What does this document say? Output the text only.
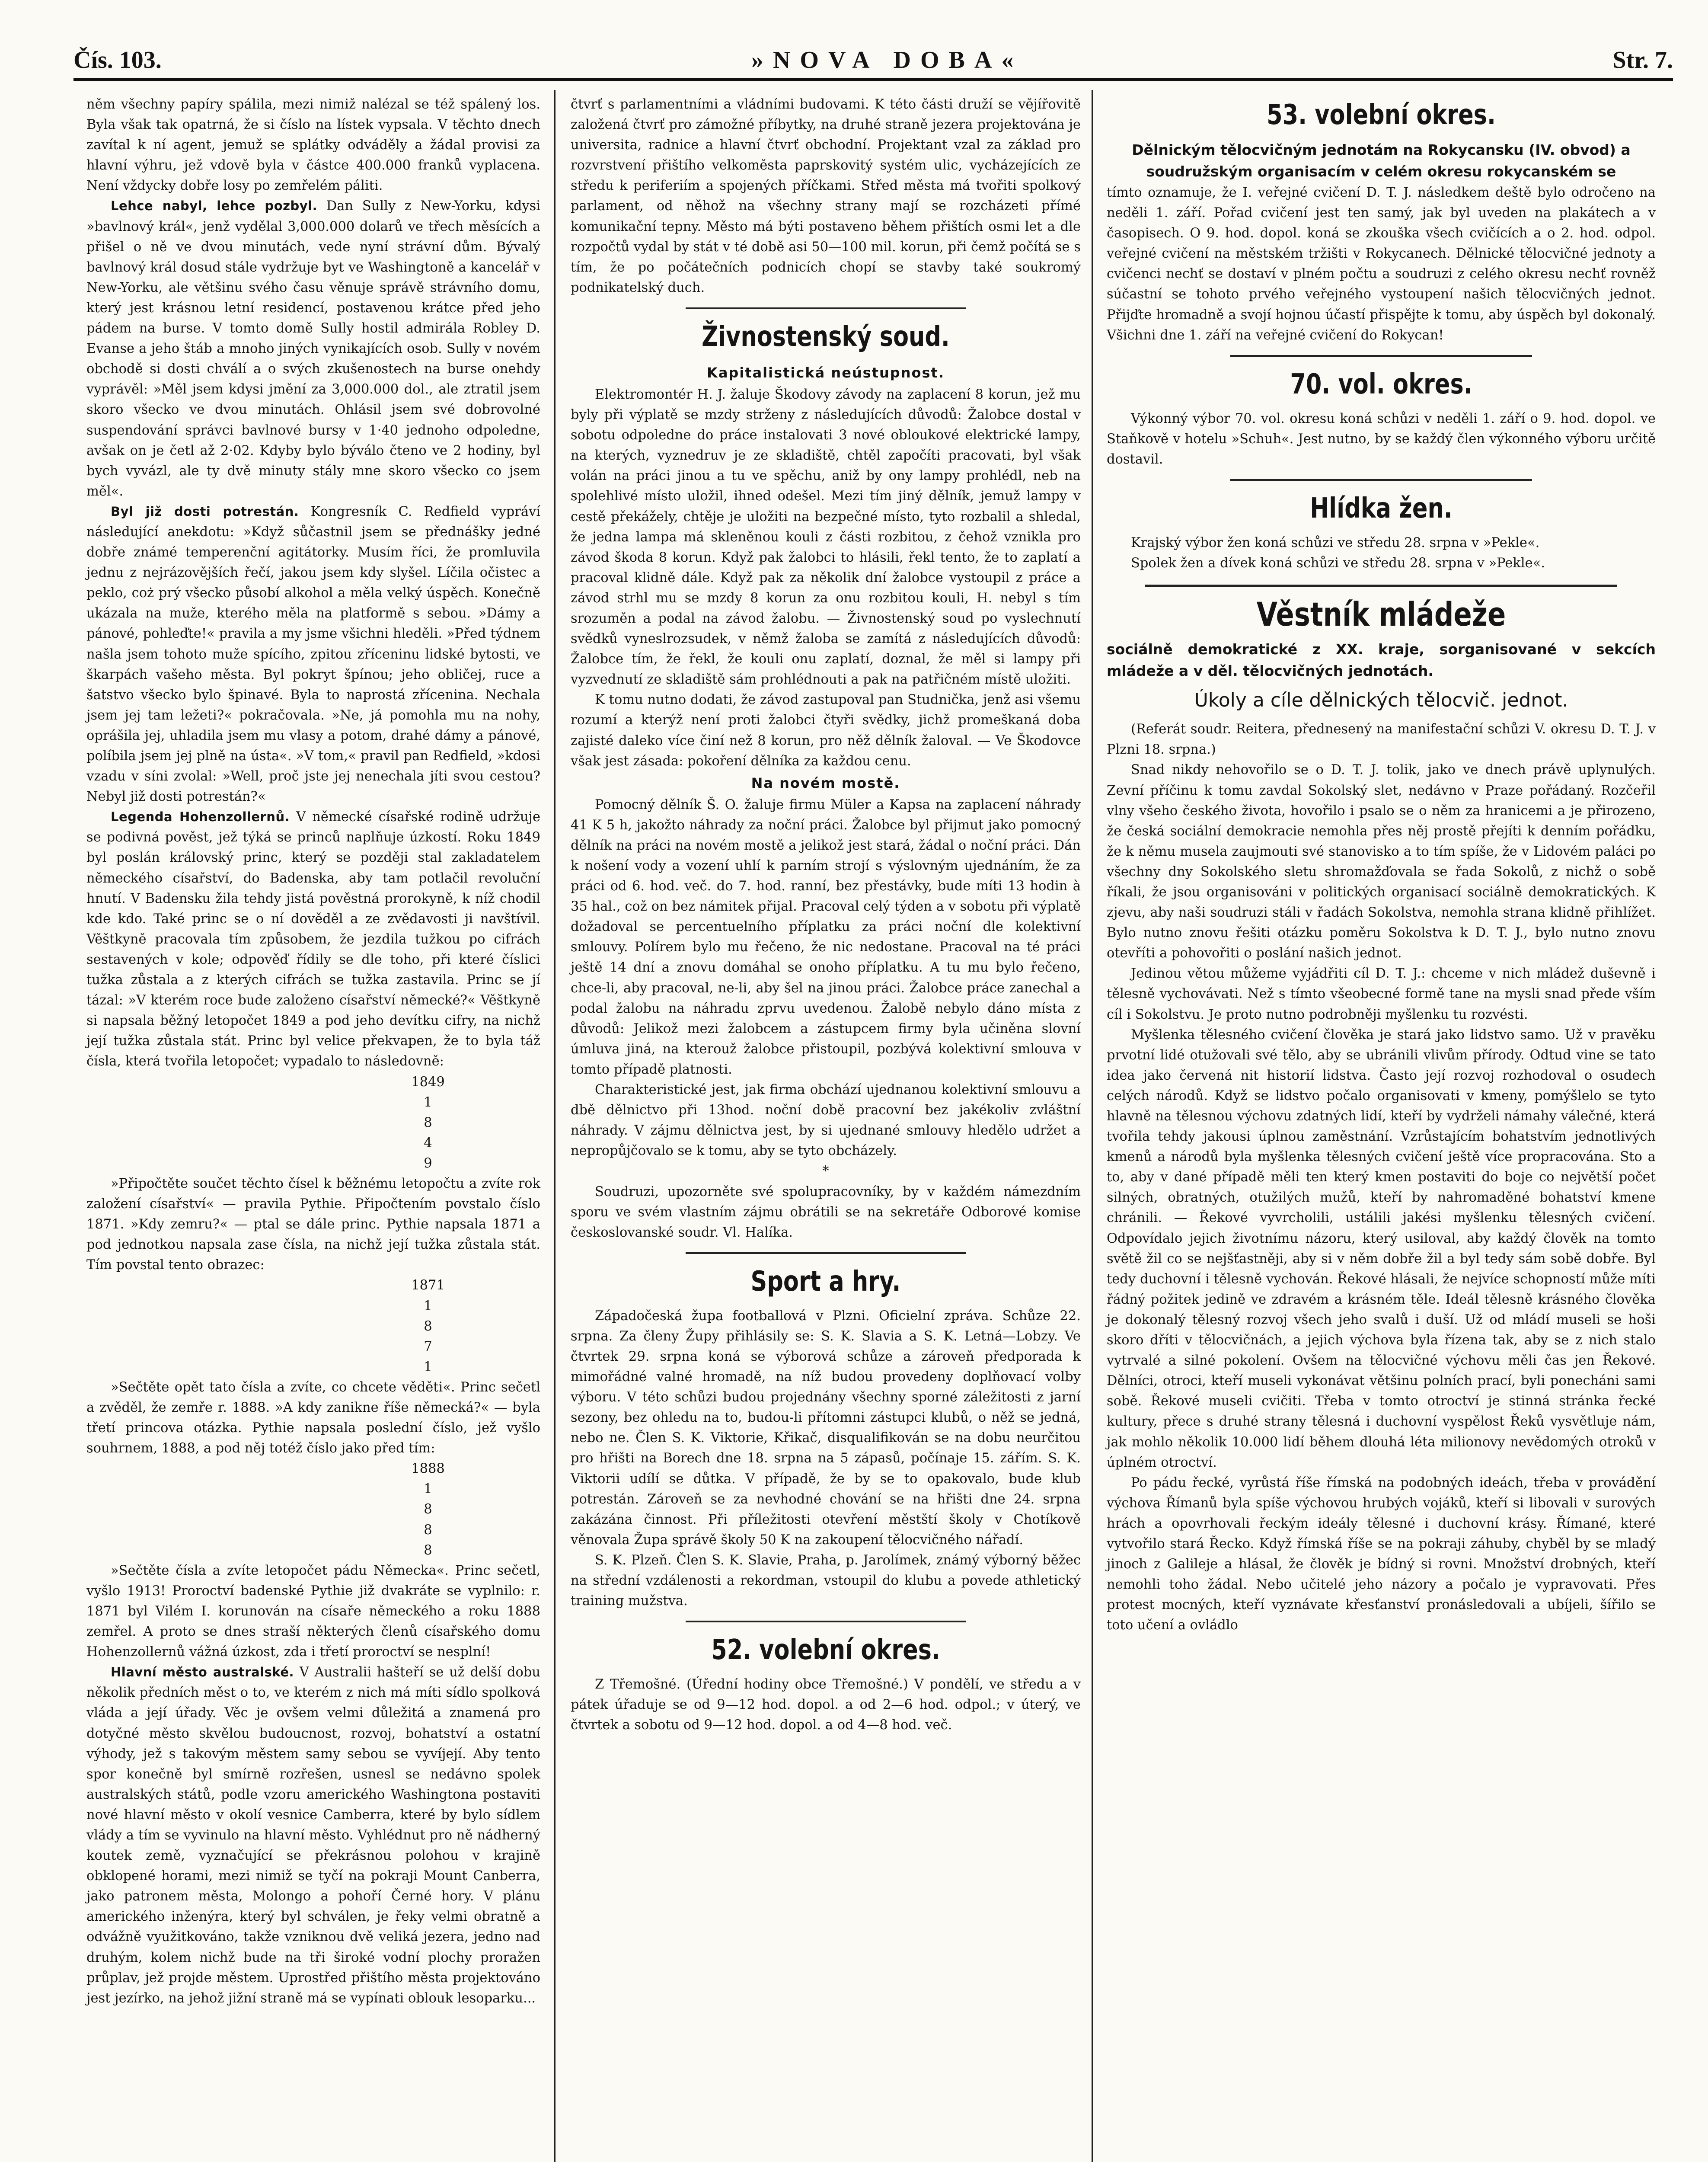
Čís. 103.	»NOVA DOBA«	Str. 7.

něm všechny papíry spálila, mezi nimiž nalézal se též spálený los. Byla však tak opatrná, že si číslo na lístek vypsala. V těchto dnech zavítal k ní agent, jemuž se splátky odváděly a žádal provisi za hlavní výhru, jež vdově byla v částce 400.000 franků vyplacena. Není vždycky dobře losy po zemřelém páliti.

Lehce nabyl, lehce pozbyl. Dan Sully z New-Yorku, kdysi »bavlnový král«, jenž vydělal 3,000.000 dolarů ve třech měsících a přišel o ně ve dvou minutách, vede nyní strávní dům. Bývalý bavlnový král dosud stále vydržuje byt ve Washingtoně a kancelář v New-Yorku, ale většinu svého času věnuje správě strávního domu, který jest krásnou letní residencí, postavenou krátce před jeho pádem na burse. V tomto domě Sully hostil admirála Robley D. Evanse a jeho štáb a mnoho jiných vynikajících osob. Sully v novém obchodě si dosti chválí a o svých zkušenostech na burse onehdy vyprávěl: »Měl jsem kdysi jmění za 3,000.000 dol., ale ztratil jsem skoro všecko ve dvou minutách. Ohlásil jsem své dobrovolné suspendování správci bavlnové bursy v 1·40 jednoho odpoledne, avšak on je četl až 2·02. Kdyby bylo býválo čteno ve 2 hodiny, byl bych vyvázl, ale ty dvě minuty stály mne skoro všecko co jsem měl«.

Byl již dosti potrestán. Kongresník C. Redfield vypráví následující anekdotu: »Když sůčastnil jsem se přednášky jedné dobře známé temperenční agitátorky. Musím říci, že promluvila jednu z nejrázovějších řečí, jakou jsem kdy slyšel. Líčila očistec a peklo, coż prý všecko působí alkohol a měla velký úspěch. Konečně ukázala na muže, kterého měla na platformě s sebou. »Dámy a pánové, pohleďte!« pravila a my jsme všichni hleděli. »Před týdnem našla jsem tohoto muže spícího, zpitou zříceninu lidské bytosti, ve škarpách vašeho města. Byl pokryt špínou; jeho obličej, ruce a šatstvo všecko bylo špinavé. Byla to naprostá zřícenina. Nechala jsem jej tam ležeti?« pokračovala. »Ne, já pomohla mu na nohy, oprášila jej, uhladila jsem mu vlasy a potom, drahé dámy a pánové, políbila jsem jej plně na ústa«. »V tom,« pravil pan Redfield, »kdosi vzadu v síni zvolal: »Well, proč jste jej nenechala jíti svou cestou? Nebyl již dosti potrestán?«

Legenda Hohenzollernů. V německé císařské rodině udržuje se podivná pověst, jež týká se princů naplňuje úzkostí. Roku 1849 byl poslán královský princ, který se později stal zakladatelem německého císařství, do Badenska, aby tam potlačil revoluční hnutí. V Badensku žila tehdy jistá pověstná prorokyně, k níž chodil kde kdo. Také princ se o ní dověděl a ze zvědavosti ji navštívil. Věštkyně pracovala tím způsobem, že jezdila tužkou po cifrách sestavených v kole; odpověď řídily se dle toho, při které číslici tužka zůstala a z kterých cifrách se tužka zastavila. Princ se jí tázal: »V kterém roce bude založeno císařství německé?« Věštkyně si napsala běžný letopočet 1849 a pod jeho devítku cifry, na nichž její tužka zůstala stát. Princ byl velice překvapen, že to byla táž čísla, která tvořila letopočet; vypadalo to následovně:

1849
1
8
4
9

»Připočtěte součet těchto čísel k běžnému letopočtu a zvíte rok založení císařství« — pravila Pythie. Připočtením povstalo číslo 1871. »Kdy zemru?« — ptal se dále princ. Pythie napsala 1871 a pod jednotkou napsala zase čísla, na nichž její tužka zůstala stát. Tím povstal tento obrazec:

1871
1
8
7
1

»Sečtěte opět tato čísla a zvíte, co chcete věděti«. Princ sečetl a zvěděl, že zemře r. 1888. »A kdy zanikne říše německá?« — byla třetí princova otázka. Pythie napsala poslední číslo, jež vyšlo souhrnem, 1888, a pod něj totéž číslo jako před tím:

1888
1
8
8
8

»Sečtěte čísla a zvíte letopočet pádu Německa«. Princ sečetl, vyšlo 1913! Proroctví badenské Pythie již dvakráte se vyplnilo: r. 1871 byl Vilém I. korunován na císaře německého a roku 1888 zemřel. A proto se dnes straší některých členů císařského domu Hohenzollernů vážná úzkost, zda i třetí proroctví se nesplní!

Hlavní město australské. V Australii hašteří se už delší dobu několik předních měst o to, ve kterém z nich má míti sídlo spolková vláda a její úřady. Věc je ovšem velmi důležitá a znamená pro dotyčné město skvělou budoucnost, rozvoj, bohatství a ostatní výhody, jež s takovým městem samy sebou se vyvíjejí. Aby tento spor konečně byl smírně rozřešen, usnesl se nedávno spolek australských států, podle vzoru amerického Washingtona postaviti nové hlavní město v okolí vesnice Camberra, které by bylo sídlem vlády a tím se vyvinulo na hlavní město. Vyhlédnut pro ně nádherný koutek země, vyznačující se překrásnou polohou v krajině obklopené horami, mezi nimiž se tyčí na pokraji Mount Canberra, jako patronem města, Molongo a pohoří Černé hory. V plánu amerického inženýra, který byl schválen, je řeky velmi obratně a odvážně využitkováno, takže vzniknou dvě veliká jezera, jedno nad druhým, kolem nichž bude na tři široké vodní plochy proražen průplav, jež projde městem. Uprostřed přištího města projektováno jest jezírko, na jehož jižní straně má se vypínati oblouk lesoparku...

čtvrť s parlamentními a vládními budovami. K této části druží se vějířovitě založená čtvrť pro zámožné příbytky, na druhé straně jezera projektována je universita, radnice a hlavní čtvrť obchodní. Projektant vzal za základ pro rozvrstvení přištího velkoměsta paprskovitý systém ulic, vycházejících ze středu k periferiím a spojených příčkami. Střed města má tvořiti spolkový parlament, od něhož na všechny strany mají se rozcházeti přímé komunikační tepny. Město má býti postaveno během přištích osmi let a dle rozpočtů vydal by stát v té době asi 50—100 mil. korun, při čemž počítá se s tím, že po počátečních podnicích chopí se stavby také soukromý podnikatelský duch.

Živnostenský soud.
Kapitalistická neústupnost.

Elektromontér H. J. žaluje Škodovy závody na zaplacení 8 korun, jež mu byly při výplatě se mzdy strženy z následujících důvodů: Žalobce dostal v sobotu odpoledne do práce instalovati 3 nové obloukové elektrické lampy, na kterých, vyznedruv je ze skladiště, chtěl započíti pracovati, byl však volán na práci jinou a tu ve spěchu, aniž by ony lampy prohlédl, neb na spolehlivé místo uložil, ihned odešel. Mezi tím jiný dělník, jemuž lampy v cestě překážely, chtěje je uložiti na bezpečné místo, tyto rozbalil a shledal, že jedna lampa má skleněnou kouli z části rozbitou, z čehož vznikla pro závod škoda 8 korun. Když pak žalobci to hlásili, řekl tento, že to zaplatí a pracoval klidně dále. Když pak za několik dní žalobce vystoupil z práce a závod strhl mu se mzdy 8 korun za onu rozbitou kouli, H. nebyl s tím srozuměn a podal na závod žalobu. — Živnostenský soud po vyslechnutí svědků vyneslrozsudek, v němž žaloba se zamítá z následujících důvodů: Žalobce tím, že řekl, že kouli onu zaplatí, doznal, že měl si lampy při vyzvednutí ze skladiště sám prohlédnouti a pak na patřičném místě uložiti.

K tomu nutno dodati, že závod zastupoval pan Studnička, jenž asi všemu rozumí a kterýž není proti žalobci čtyři svědky, jichž promeškaná doba zajisté daleko více činí než 8 korun, pro něž dělník žaloval. — Ve Škodovce však jest zásada: pokoření dělníka za každou cenu.

Na novém mostě.

Pomocný dělník Š. O. žaluje firmu Müler a Kapsa na zaplacení náhrady 41 K 5 h, jakožto náhrady za noční práci. Žalobce byl přijmut jako pomocný dělník na práci na novém mostě a jelikož jest stará, žádal o noční práci. Dán k nošení vody a vození uhlí k parním strojí s výslovným ujednáním, že za práci od 6. hod. več. do 7. hod. ranní, bez přestávky, bude míti 13 hodin à 35 hal., což on bez námitek přijal. Pracoval celý týden a v sobotu při výplatě dožadoval se percentuelního příplatku za práci noční dle kolektivní smlouvy. Polírem bylo mu řečeno, že nic nedostane. Pracoval na té práci ještě 14 dní a znovu domáhal se onoho příplatku. A tu mu bylo řečeno, chce-li, aby pracoval, ne-li, aby šel na jinou práci. Žalobce práce zanechal a podal žalobu na náhradu zprvu uvedenou. Žalobě nebylo dáno místa z důvodů: Jelikož mezi žalobcem a zástupcem firmy byla učiněna slovní úmluva jiná, na kterouž žalobce přistoupil, pozbývá kolektivní smlouva v tomto případě platnosti.

Charakteristické jest, jak firma obchází ujednanou kolektivní smlouvu a dbě dělnictvo při 13hod. noční době pracovní bez jakékoliv zvláštní náhrady. V zájmu dělnictva jest, by si ujednané smlouvy hledělo udržet a nepropůjčovalo se k tomu, aby se tyto obcházely.

*

Soudruzi, upozorněte své spolupracovníky, by v každém námezdním sporu ve svém vlastním zájmu obrátili se na sekretáře Odborové komise českoslovanské soudr. Vl. Halíka.

Sport a hry.

Západočeská župa footballová v Plzni. Oficielní zpráva. Schůze 22. srpna. Za členy Župy přihlásily se: S. K. Slavia a S. K. Letná—Lobzy. Ve čtvrtek 29. srpna koná se výborová schůze a zároveň předporada k mimořádné valné hromadě, na níž budou provedeny doplňovací volby výboru. V této schůzi budou projednány všechny sporné záležitosti z jarní sezony, bez ohledu na to, budou-li přítomni zástupci klubů, o něž se jedná, nebo ne. Člen S. K. Viktorie, Křikač, disqualifikován se na dobu neurčitou pro hřišti na Borech dne 18. srpna na 5 zápasů, počínaje 15. zářím. S. K. Viktorii udílí se důtka. V případě, že by se to opakovalo, bude klub potrestán. Zároveň se za nevhodné chování se na hřišti dne 24. srpna zakázána činnost. Při příležitosti otevření městští školy v Chotíkově věnovala Župa správě školy 50 K na zakoupení tělocvičného nářadí.

S. K. Plzeň. Člen S. K. Slavie, Praha, p. Jarolímek, známý výborný běžec na střední vzdálenosti a rekordman, vstoupil do klubu a povede athletický training mužstva.

52. volební okres.

Z Třemošné. (Úřední hodiny obce Třemošné.) V pondělí, ve středu a v pátek úřaduje se od 9—12 hod. dopol. a od 2—6 hod. odpol.; v úterý, ve čtvrtek a sobotu od 9—12 hod. dopol. a od 4—8 hod. več.

53. volební okres.

Dělnickým tělocvičným jednotám na Rokycansku (IV. obvod) a soudružským organisacím v celém okresu rokycanském se

tímto oznamuje, že I. veřejné cvičení D. T. J. následkem deště bylo odročeno na neděli 1. září. Pořad cvičení jest ten samý, jak byl uveden na plakátech a v časopisech. O 9. hod. dopol. koná se zkouška všech cvičících a o 2. hod. odpol. veřejné cvičení na městském tržišti v Rokycanech. Dělnické tělocvičné jednoty a cvičenci nechť se dostaví v plném počtu a soudruzi z celého okresu nechť rovněž súčastní se tohoto prvého veřejného vystoupení našich tělocvičných jednot. Přijďte hromadně a svojí hojnou účastí přispějte k tomu, aby úspěch byl dokonalý. Všichni dne 1. září na veřejné cvičení do Rokycan!

70. vol. okres.

Výkonný výbor 70. vol. okresu koná schůzi v neděli 1. září o 9. hod. dopol. ve Staňkově v hotelu »Schuh«. Jest nutno, by se každý člen výkonného výboru určitě dostavil.

Hlídka žen.

Krajský výbor žen koná schůzi ve středu 28. srpna v »Pekle«.

Spolek žen a dívek koná schůzi ve středu 28. srpna v »Pekle«.

Věstník mládeže

sociálně demokratické z XX. kraje, sorganisované v sekcích mládeže a v děl. tělocvičných jednotách.

Úkoly a cíle dělnických tělocvič. jednot.

(Referát soudr. Reitera, přednesený na manifestační schůzi V. okresu D. T. J. v Plzni 18. srpna.)

Snad nikdy nehovořilo se o D. T. J. tolik, jako ve dnech právě uplynulých. Zevní příčinu k tomu zavdal Sokolský slet, nedávno v Praze pořádaný. Rozčeřil vlny všeho českého života, hovořilo i psalo se o něm za hranicemi a je přirozeno, že česká sociální demokracie nemohla přes něj prostě přejíti k denním pořádku, že k němu musela zaujmouti své stanovisko a to tím spíše, že v Lidovém paláci po všechny dny Sokolského sletu shromažďovala se řada Sokolů, z nichž o sobě říkali, že jsou organisováni v politických organisací sociálně demokratických. K zjevu, aby naši soudruzi stáli v řadách Sokolstva, nemohla strana klidně přihlížet. Bylo nutno znovu řešiti otázku poměru Sokolstva k D. T. J., bylo nutno znovu otevříti a pohovořiti o poslání našich jednot.

Jedinou větou můžeme vyjádřiti cíl D. T. J.: chceme v nich mládež duševně i tělesně vychovávati. Než s tímto všeobecné formě tane na mysli snad přede vším cíl i Sokolstvu. Je proto nutno podrobněji myšlenku tu rozvésti.

Myšlenka tělesného cvičení člověka je stará jako lidstvo samo. Už v pravěku prvotní lidé otužovali své tělo, aby se ubránili vlivům přírody. Odtud vine se tato idea jako červená nit historií lidstva. Často její rozvoj rozhodoval o osudech celých národů. Když se lidstvo počalo organisovati v kmeny, pomýšlelo se tyto hlavně na tělesnou výchovu zdatných lidí, kteří by vydrželi námahy válečné, která tvořila tehdy jakousi úplnou zaměstnání. Vzrůstajícím bohatstvím jednotlivých kmenů a národů byla myšlenka tělesných cvičení ještě více propracována. Sto a to, aby v dané případě měli ten který kmen postaviti do boje co největší počet silných, obratných, otužilých mužů, kteří by nahromaděné bohatství kmene chránili. — Řekové vyvrcholili, ustálili jakési myšlenku tělesných cvičení. Odpovídalo jejich životnímu názoru, který usiloval, aby každý člověk na tomto světě žil co se nejšťastněji, aby si v něm dobře žil a byl tedy sám sobě dobře. Byl tedy duchovní i tělesně vychován. Řekové hlásali, že nejvíce schopností může míti řádný požitek jedině ve zdravém a krásném těle. Ideál tělesně krásného člověka je dokonalý tělesný rozvoj všech jeho svalů i duší. Už od mládí museli se hoši skoro dříti v tělocvičnách, a jejich výchova byla řízena tak, aby se z nich stalo vytrvalé a silné pokolení. Ovšem na tělocvičné výchovu měli čas jen Řekové. Dělníci, otroci, kteří museli vykonávat většinu polních prací, byli ponecháni sami sobě. Řekové museli cvičiti. Třeba v tomto otroctví je stinná stránka řecké kultury, přece s druhé strany tělesná i duchovní vyspělost Řeků vysvětluje nám, jak mohlo několik 10.000 lidí během dlouhá léta milionovy nevědomých otroků v úplném otroctví.

Po pádu řecké, vyrůstá říše římská na podobných ideách, třeba v provádění výchova Římanů byla spíše výchovou hrubých vojáků, kteří si libovali v surových hrách a opovrhovali řeckým ideály tělesné i duchovní krásy. Římané, které vytvořilo stará Řecko. Když římská říše se na pokraji záhuby, chyběl by se mladý jinoch z Galileje a hlásal, že člověk je bídný si rovni. Množství drobných, kteří nemohli toho žádal. Nebo učitelé jeho názory a počalo je vypravovati. Přes protest mocných, kteří vyznávate křesťanství pronásledovali a ubíjeli, šířilo se toto učení a ovládlo
